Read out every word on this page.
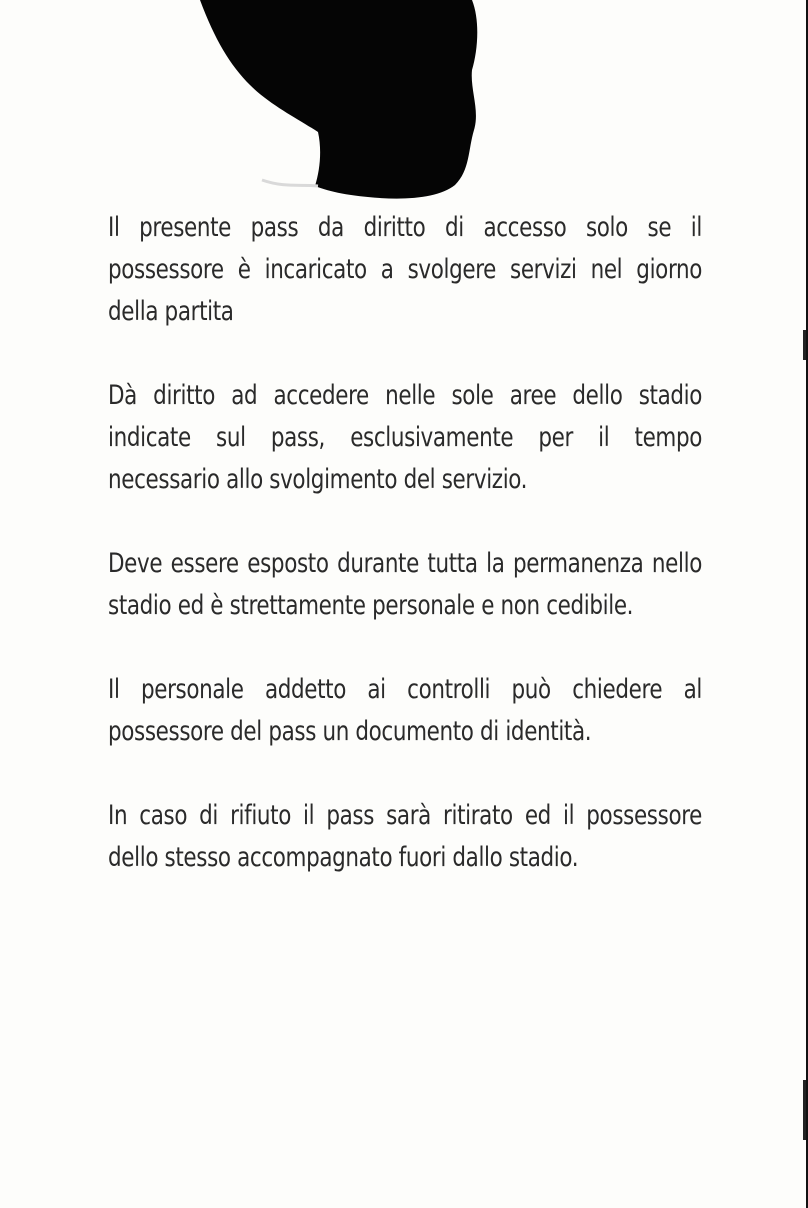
Il presente pass da diritto di accesso solo se il possessore è incaricato a svolgere servizi nel giorno della partita

Dà diritto ad accedere nelle sole aree dello stadio indicate sul pass, esclusivamente per il tempo necessario allo svolgimento del servizio.

Deve essere esposto durante tutta la permanenza nello stadio ed è strettamente personale e non cedibile.

Il personale addetto ai controlli può chiedere al possessore del pass un documento di identità.

In caso di rifiuto il pass sarà ritirato ed il possessore dello stesso accompagnato fuori dallo stadio.
